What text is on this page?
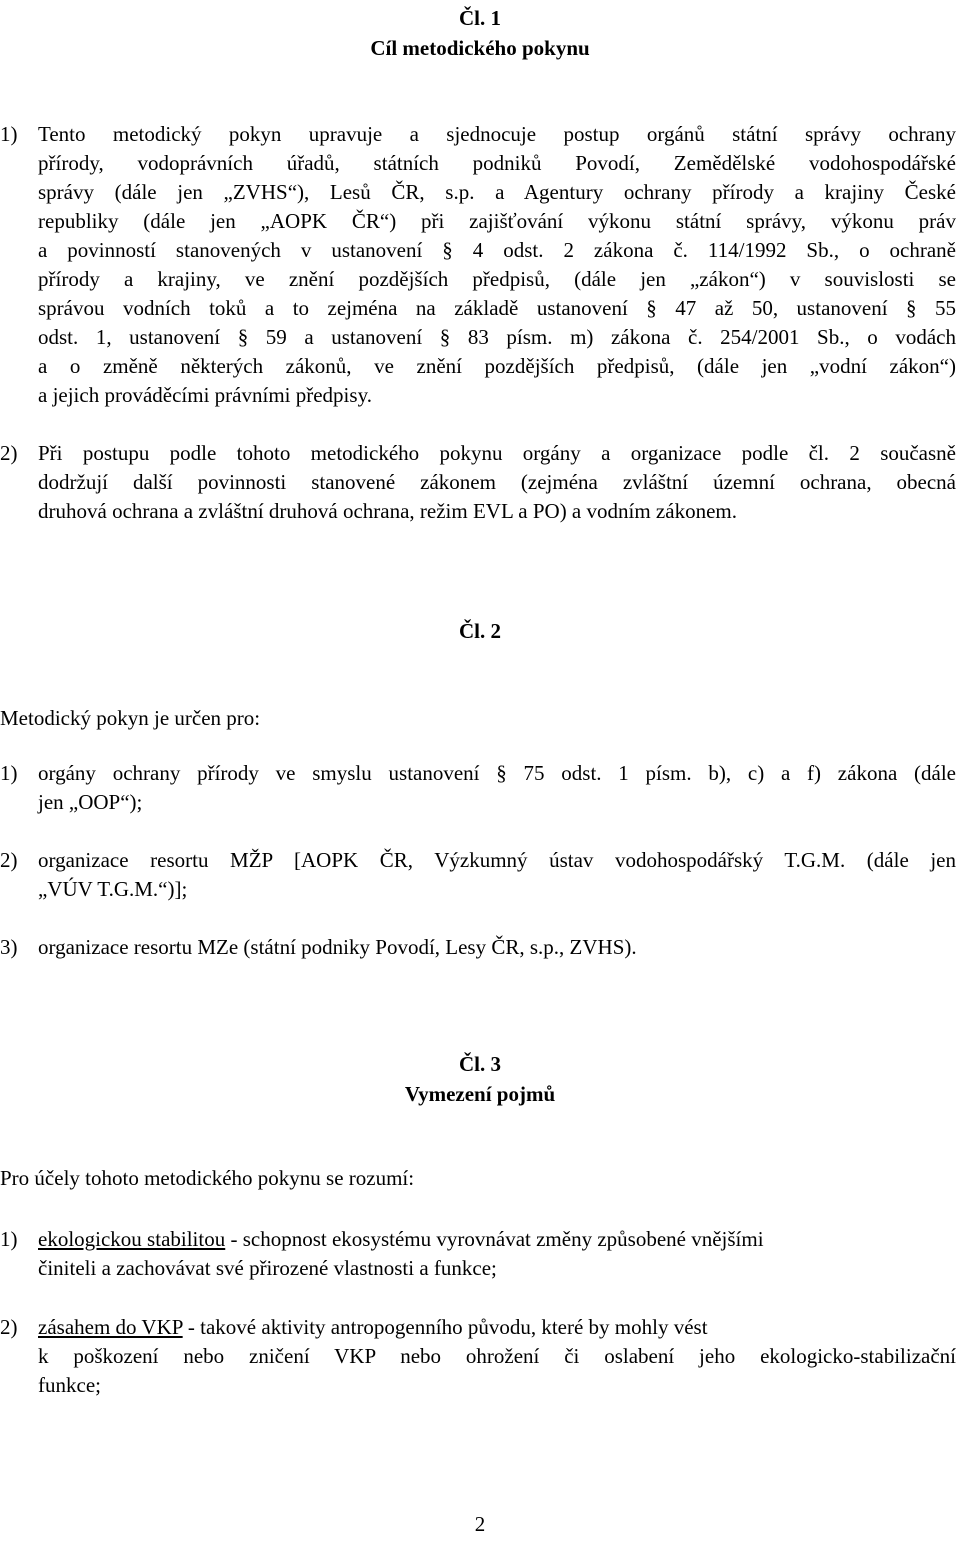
Čl. 1
Cíl metodického pokynu
1) Tento metodický pokyn upravuje a sjednocuje postup orgánů státní správy ochrany
přírody, vodoprávních úřadů, státních podniků Povodí, Zemědělské vodohospodářské
správy (dále jen „ZVHS“), Lesů ČR, s.p. a Agentury ochrany přírody a krajiny České
republiky (dále jen „AOPK ČR“) při zajišťování výkonu státní správy, výkonu práv
a povinností stanovených v ustanovení § 4 odst. 2 zákona č. 114/1992 Sb., o ochraně
přírody a krajiny, ve znění pozdějších předpisů, (dále jen „zákon“) v souvislosti se
správou vodních toků a to zejména na základě ustanovení § 47 až 50, ustanovení § 55
odst. 1, ustanovení § 59 a ustanovení § 83 písm. m) zákona č. 254/2001 Sb., o vodách
a o změně některých zákonů, ve znění pozdějších předpisů, (dále jen „vodní zákon“)
a jejich prováděcími právními předpisy.
2) Při postupu podle tohoto metodického pokynu orgány a organizace podle čl. 2 současně
dodržují další povinnosti stanovené zákonem (zejména zvláštní územní ochrana, obecná
druhová ochrana a zvláštní druhová ochrana, režim EVL a PO) a vodním zákonem.
Čl. 2
Metodický pokyn je určen pro:
1) orgány ochrany přírody ve smyslu ustanovení § 75 odst. 1 písm. b), c) a f) zákona (dále
jen „OOP“);
2) organizace resortu MŽP [AOPK ČR, Výzkumný ústav vodohospodářský T.G.M. (dále jen
„VÚV T.G.M.“)];
3) organizace resortu MZe (státní podniky Povodí, Lesy ČR, s.p., ZVHS).
Čl. 3
Vymezení pojmů
Pro účely tohoto metodického pokynu se rozumí:
1) ekologickou stabilitou - schopnost ekosystému vyrovnávat změny způsobené vnějšími
činiteli a zachovávat své přirozené vlastnosti a funkce;
2) zásahem do VKP - takové aktivity antropogenního původu, které by mohly vést
k poškození nebo zničení VKP nebo ohrožení či oslabení jeho ekologicko-stabilizační
funkce;
2
